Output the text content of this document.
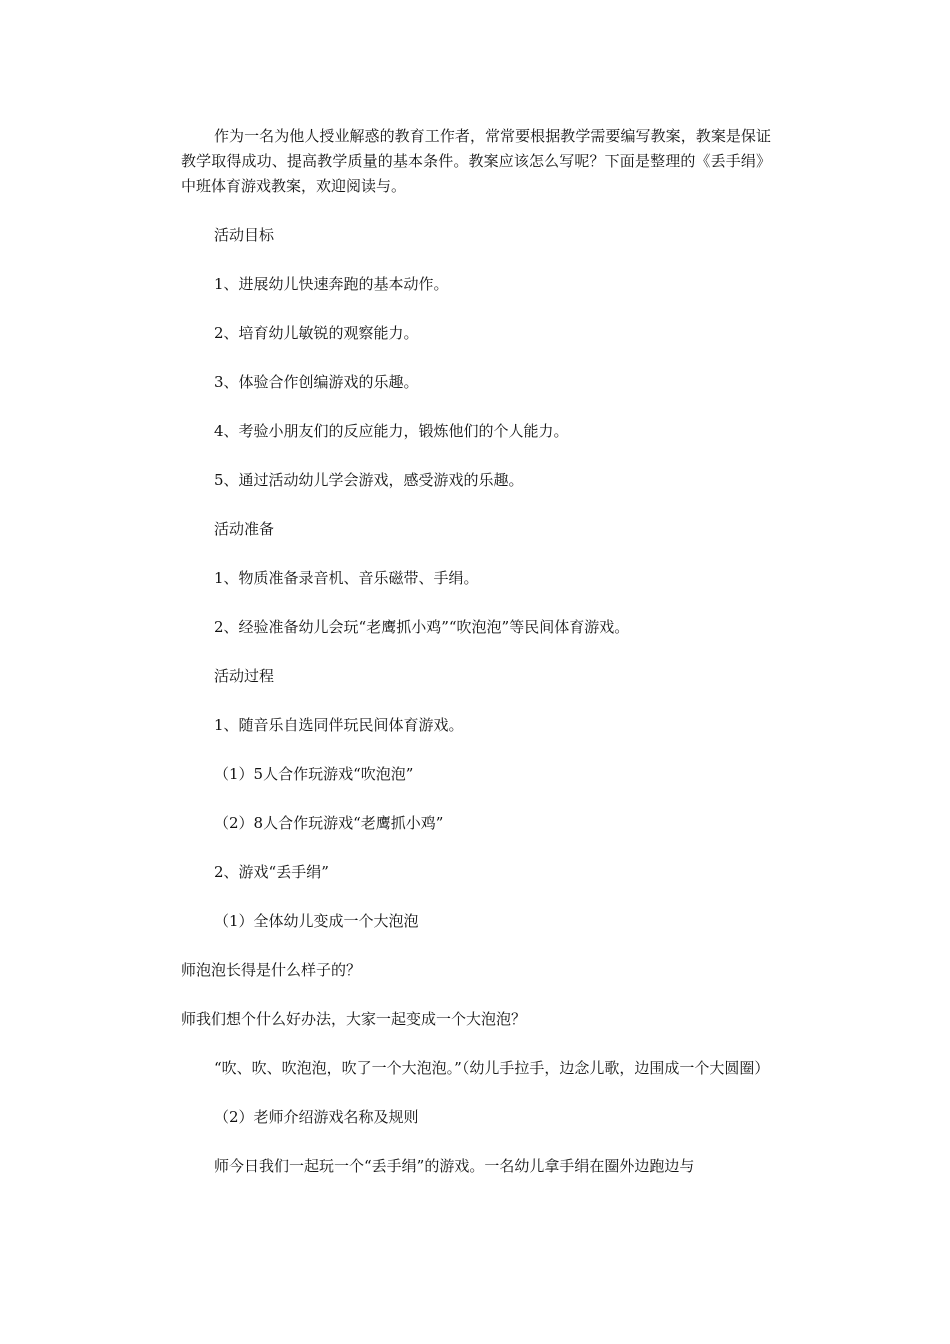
作为一名为他人授业解惑的教育工作者，常常要根据教学需要编写教案，教案是保证教学取得成功、提高教学质量的基本条件。教案应该怎么写呢？下面是整理的《丢手绢》中班体育游戏教案，欢迎阅读与。

活动目标

1、进展幼儿快速奔跑的基本动作。

2、培育幼儿敏锐的观察能力。

3、体验合作创编游戏的乐趣。

4、考验小朋友们的反应能力，锻炼他们的个人能力。

5、通过活动幼儿学会游戏，感受游戏的乐趣。

活动准备

1、物质准备录音机、音乐磁带、手绢。

2、经验准备幼儿会玩“老鹰抓小鸡”“吹泡泡”等民间体育游戏。

活动过程

1、随音乐自选同伴玩民间体育游戏。

（1）5人合作玩游戏“吹泡泡”

（2）8人合作玩游戏“老鹰抓小鸡”

2、游戏“丢手绢”

（1）全体幼儿变成一个大泡泡

师泡泡长得是什么样子的？

师我们想个什么好办法，大家一起变成一个大泡泡？

“吹、吹、吹泡泡，吹了一个大泡泡。”（幼儿手拉手，边念儿歌，边围成一个大圆圈）

（2）老师介绍游戏名称及规则

师今日我们一起玩一个“丢手绢”的游戏。一名幼儿拿手绢在圈外边跑边与
